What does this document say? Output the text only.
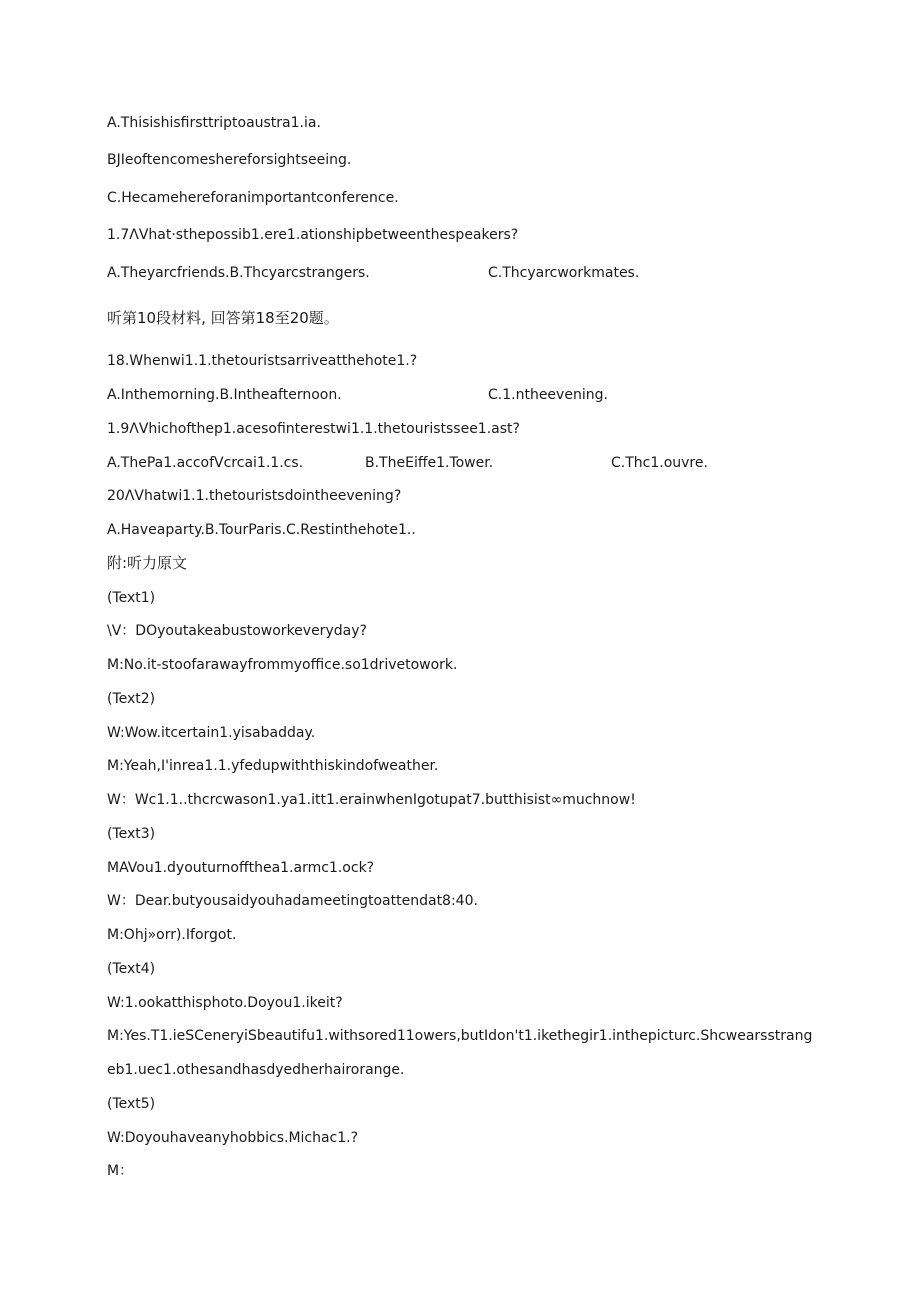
A.Thisishisfirsttriptoaustra1.ia.
BJIeoftencomeshereforsightseeing.
C.Hecamehereforanimportantconference.
1.7ΛVhat·sthepossib1.ere1.ationshipbetweenthespeakers?
A.Theyarcfriends.B.Thcyarcstrangers.	C.Thcyarcworkmates.
听第10段材料, 回答第18至20题。
18.Whenwi1.1.thetouristsarriveatthehote1.?
A.Inthemorning.B.Intheafternoon.	C.1.ntheevening.
1.9ΛVhichofthep1.acesofinterestwi1.1.thetouristssee1.ast?
A.ThePa1.accofVcrcai1.1.cs.	B.TheEiffe1.Tower.	C.Thc1.ouvre.
20ΛVhatwi1.1.thetouristsdointheevening?
A.Haveaparty.B.TourParis.C.Restinthehote1..
附:听力原文
(Text1)
\V：DOyoutakeabustoworkeveryday?
M:No.it-stoofarawayfrommyoffice.so1drivetowork.
(Text2)
W:Wow.itcertain1.yisabadday.
M:Yeah,I'inrea1.1.yfedupwiththiskindofweather.
W：Wc1.1..thcrcwason1.ya1.itt1.erainwhenIgotupat7.butthisist∞muchnow!
(Text3)
MAVou1.dyouturnoffthea1.armc1.ock?
W：Dear.butyousaidyouhadameetingtoattendat8:40.
M:Ohj»orr).Iforgot.
(Text4)
W:1.ookatthisphoto.Doyou1.ikeit?
M:Yes.T1.ieSCeneryiSbeautifu1.withsored11owers,butIdon't1.ikethegir1.inthepicturc.Shcwearsstrang
eb1.uec1.othesandhasdyedherhairorange.
(Text5)
W:Doyouhaveanyhobbics.Michac1.?
M：
